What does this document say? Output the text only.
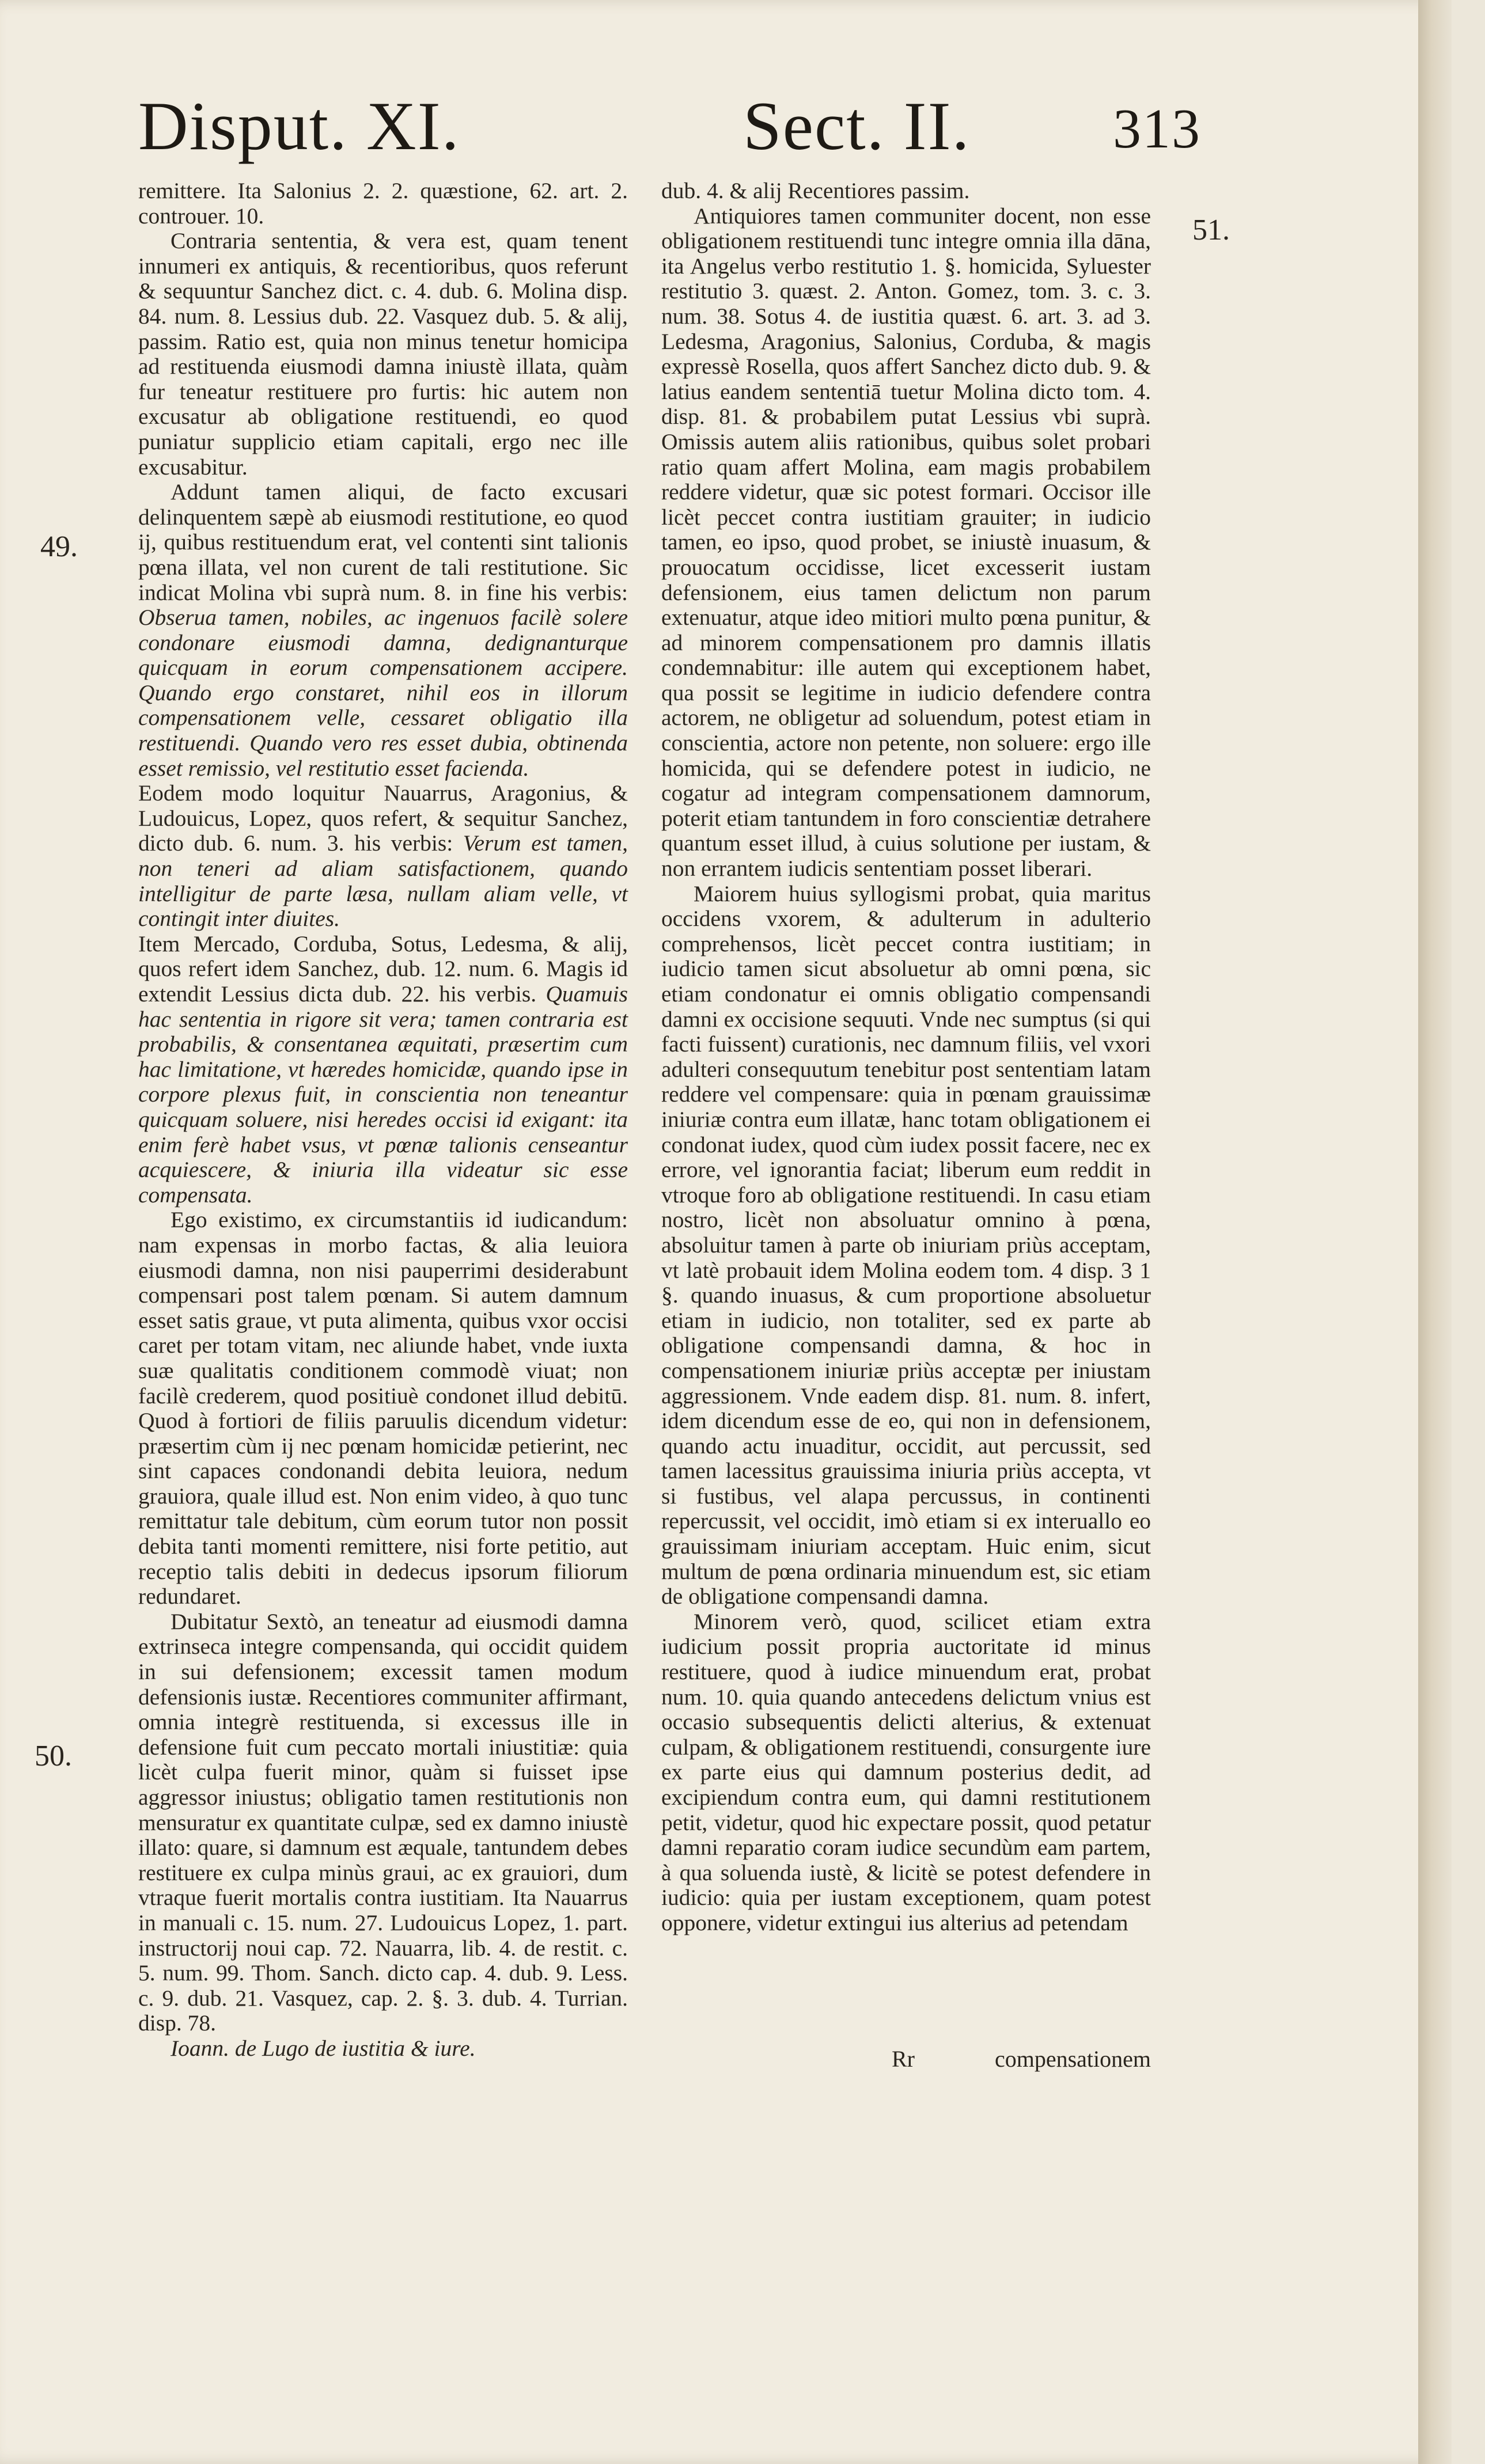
Disput. XI.	Sect. II.	313
49.
50.
51.

remittere. Ita Salonius 2. 2. quæstione, 62. art. 2. controuer. 10.

Contraria sententia, & vera est, quam tenent innumeri ex antiquis, & recentioribus, quos referunt & sequuntur Sanchez dict. c. 4. dub. 6. Molina disp. 84. num. 8. Lessius dub. 22. Vasquez dub. 5. & alij, passim. Ratio est, quia non minus tenetur homicipa ad restituenda eiusmodi damna iniustè illata, quàm fur teneatur restituere pro furtis: hic autem non excusatur ab obligatione restituendi, eo quod puniatur supplicio etiam capitali, ergo nec ille excusabitur.

Addunt tamen aliqui, de facto excusari delinquentem sæpè ab eiusmodi restitutione, eo quod ij, quibus restituendum erat, vel contenti sint talionis pœna illata, vel non curent de tali restitutione. Sic indicat Molina vbi suprà num. 8. in fine his verbis: Obserua tamen, nobiles, ac ingenuos facilè solere condonare eiusmodi damna, dedignanturque quicquam in eorum compensationem accipere. Quando ergo constaret, nihil eos in illorum compensationem velle, cessaret obligatio illa restituendi. Quando vero res esset dubia, obtinenda esset remissio, vel restitutio esset facienda.

Eodem modo loquitur Nauarrus, Aragonius, & Ludouicus, Lopez, quos refert, & sequitur Sanchez, dicto dub. 6. num. 3. his verbis: Verum est tamen, non teneri ad aliam satisfactionem, quando intelligitur de parte læsa, nullam aliam velle, vt contingit inter diuites.

Item Mercado, Corduba, Sotus, Ledesma, & alij, quos refert idem Sanchez, dub. 12. num. 6. Magis id extendit Lessius dicta dub. 22. his verbis. Quamuis hac sententia in rigore sit vera; tamen contraria est probabilis, & consentanea æquitati, præsertim cum hac limitatione, vt hæredes homicidæ, quando ipse in corpore plexus fuit, in conscientia non teneantur quicquam soluere, nisi heredes occisi id exigant: ita enim ferè habet vsus, vt pœnæ talionis censeantur acquiescere, & iniuria illa videatur sic esse compensata.

Ego existimo, ex circumstantiis id iudicandum: nam expensas in morbo factas, & alia leuiora eiusmodi damna, non nisi pauperrimi desiderabunt compensari post talem pœnam. Si autem damnum esset satis graue, vt puta alimenta, quibus vxor occisi caret per totam vitam, nec aliunde habet, vnde iuxta suæ qualitatis conditionem commodè viuat; non facilè crederem, quod positiuè condonet illud debitū. Quod à fortiori de filiis paruulis dicendum videtur: præsertim cùm ij nec pœnam homicidæ petierint, nec sint capaces condonandi debita leuiora, nedum grauiora, quale illud est. Non enim video, à quo tunc remittatur tale debitum, cùm eorum tutor non possit debita tanti momenti remittere, nisi forte petitio, aut receptio talis debiti in dedecus ipsorum filiorum redundaret.

Dubitatur Sextò, an teneatur ad eiusmodi damna extrinseca integre compensanda, qui occidit quidem in sui defensionem; excessit tamen modum defensionis iustæ. Recentiores communiter affirmant, omnia integrè restituenda, si excessus ille in defensione fuit cum peccato mortali iniustitiæ: quia licèt culpa fuerit minor, quàm si fuisset ipse aggressor iniustus; obligatio tamen restitutionis non mensuratur ex quantitate culpæ, sed ex damno iniustè illato: quare, si damnum est æquale, tantundem debes restituere ex culpa minùs graui, ac ex grauiori, dum vtraque fuerit mortalis contra iustitiam. Ita Nauarrus in manuali c. 15. num. 27. Ludouicus Lopez, 1. part. instructorij noui cap. 72. Nauarra, lib. 4. de restit. c. 5. num. 99. Thom. Sanch. dicto cap. 4. dub. 9. Less. c. 9. dub. 21. Vasquez, cap. 2. §. 3. dub. 4. Turrian. disp. 78.

Ioann. de Lugo de iustitia & iure.

dub. 4. & alij Recentiores passim.

Antiquiores tamen communiter docent, non esse obligationem restituendi tunc integre omnia illa dāna, ita Angelus verbo restitutio 1. §. homicida, Syluester restitutio 3. quæst. 2. Anton. Gomez, tom. 3. c. 3. num. 38. Sotus 4. de iustitia quæst. 6. art. 3. ad 3. Ledesma, Aragonius, Salonius, Corduba, & magis expressè Rosella, quos affert Sanchez dicto dub. 9. & latius eandem sententiā tuetur Molina dicto tom. 4. disp. 81. & probabilem putat Lessius vbi suprà. Omissis autem aliis rationibus, quibus solet probari ratio quam affert Molina, eam magis probabilem reddere videtur, quæ sic potest formari. Occisor ille licèt peccet contra iustitiam grauiter; in iudicio tamen, eo ipso, quod probet, se iniustè inuasum, & prouocatum occidisse, licet excesserit iustam defensionem, eius tamen delictum non parum extenuatur, atque ideo mitiori multo pœna punitur, & ad minorem compensationem pro damnis illatis condemnabitur: ille autem qui exceptionem habet, qua possit se legitime in iudicio defendere contra actorem, ne obligetur ad soluendum, potest etiam in conscientia, actore non petente, non soluere: ergo ille homicida, qui se defendere potest in iudicio, ne cogatur ad integram compensationem damnorum, poterit etiam tantundem in foro conscientiæ detrahere quantum esset illud, à cuius solutione per iustam, & non errantem iudicis sententiam posset liberari.

Maiorem huius syllogismi probat, quia maritus occidens vxorem, & adulterum in adulterio comprehensos, licèt peccet contra iustitiam; in iudicio tamen sicut absoluetur ab omni pœna, sic etiam condonatur ei omnis obligatio compensandi damni ex occisione sequuti. Vnde nec sumptus (si qui facti fuissent) curationis, nec damnum filiis, vel vxori adulteri consequutum tenebitur post sententiam latam reddere vel compensare: quia in pœnam grauissimæ iniuriæ contra eum illatæ, hanc totam obligationem ei condonat iudex, quod cùm iudex possit facere, nec ex errore, vel ignorantia faciat; liberum eum reddit in vtroque foro ab obligatione restituendi. In casu etiam nostro, licèt non absoluatur omnino à pœna, absoluitur tamen à parte ob iniuriam priùs acceptam, vt latè probauit idem Molina eodem tom. 4 disp. 3 1 §. quando inuasus, & cum proportione absoluetur etiam in iudicio, non totaliter, sed ex parte ab obligatione compensandi damna, & hoc in compensationem iniuriæ priùs acceptæ per iniustam aggressionem. Vnde eadem disp. 81. num. 8. infert, idem dicendum esse de eo, qui non in defensionem, quando actu inuaditur, occidit, aut percussit, sed tamen lacessitus grauissima iniuria priùs accepta, vt si fustibus, vel alapa percussus, in continenti repercussit, vel occidit, imò etiam si ex interuallo eo grauissimam iniuriam acceptam. Huic enim, sicut multum de pœna ordinaria minuendum est, sic etiam de obligatione compensandi damna.

Minorem verò, quod, scilicet etiam extra iudicium possit propria auctoritate id minus restituere, quod à iudice minuendum erat, probat num. 10. quia quando antecedens delictum vnius est occasio subsequentis delicti alterius, & extenuat culpam, & obligationem restituendi, consurgente iure ex parte eius qui damnum posterius dedit, ad excipiendum contra eum, qui damni restitutionem petit, videtur, quod hic expectare possit, quod petatur damni reparatio coram iudice secundùm eam partem, à qua soluenda iustè, & licitè se potest defendere in iudicio: quia per iustam exceptionem, quam potest opponere, videtur extingui ius alterius ad petendam

Rr	compensationem
